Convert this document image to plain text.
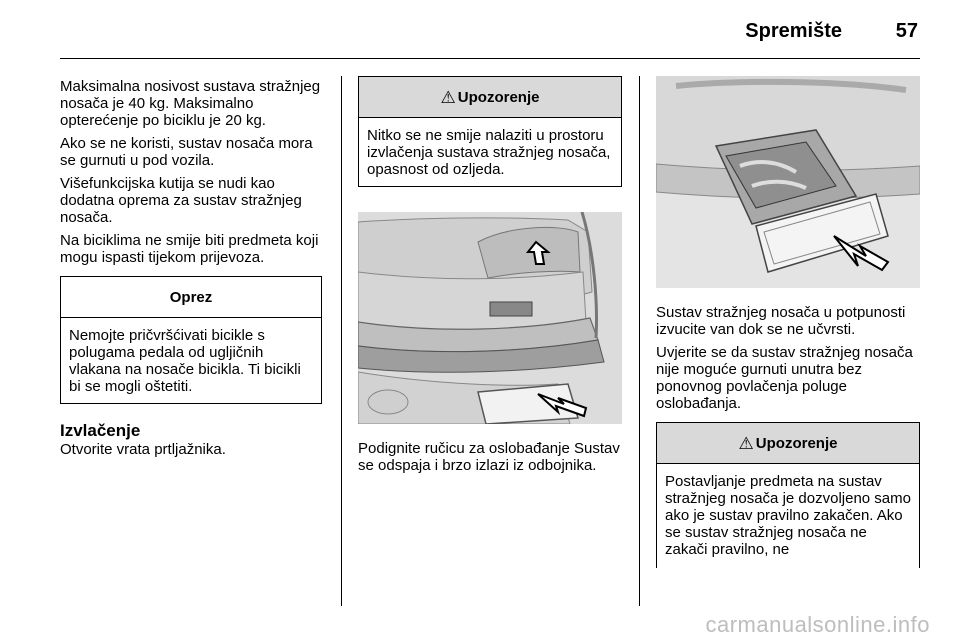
Spremište	57

Maksimalna nosivost sustava stražnjeg nosača je 40 kg. Maksimalno opterećenje po biciklu je 20 kg.

Ako se ne koristi, sustav nosača mora se gurnuti u pod vozila.

Višefunkcijska kutija se nudi kao dodatna oprema za sustav stražnjeg nosača.

Na biciklima ne smije biti predmeta koji mogu ispasti tijekom prijevoza.

Oprez
Nemojte pričvršćivati bicikle s polugama pedala od ugljičnih vlakana na nosače bicikla. Ti bicikli bi se mogli oštetiti.
Izvlačenje
Otvorite vrata prtljažnika.
⚠ Upozorenje
Nitko se ne smije nalaziti u prostoru izvlačenja sustava stražnjeg nosača, opasnost od ozljeda.

Podignite ručicu za oslobađanje Sustav se odspaja i brzo izlazi iz odbojnika.

Sustav stražnjeg nosača u potpunosti izvucite van dok se ne učvrsti.

Uvjerite se da sustav stražnjeg nosača nije moguće gurnuti unutra bez ponovnog povlačenja poluge oslobađanja.

⚠ Upozorenje
Postavljanje predmeta na sustav stražnjeg nosača je dozvoljeno samo ako je sustav pravilno zakačen. Ako se sustav stražnjeg nosača ne zakači pravilno, ne
carmanualsonline.info
